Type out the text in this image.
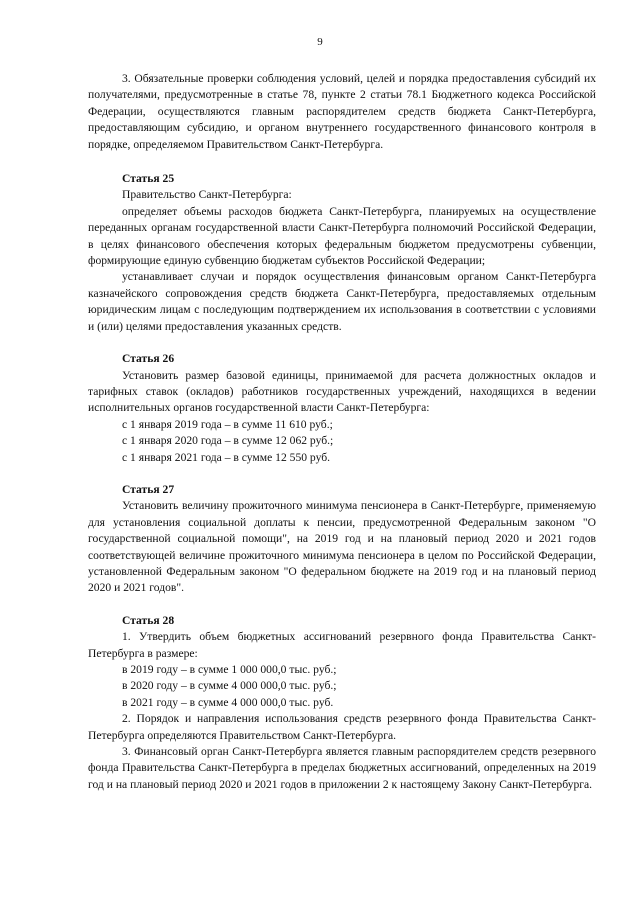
9

3. Обязательные проверки соблюдения условий, целей и порядка предоставления субсидий их получателями, предусмотренные в статье 78, пункте 2 статьи 78.1 Бюджетного кодекса Российской Федерации, осуществляются главным распорядителем средств бюджета Санкт-Петербурга, предоставляющим субсидию, и органом внутреннего государственного финансового контроля в порядке, определяемом Правительством Санкт-Петербурга.

Статья 25

Правительство Санкт-Петербурга:

определяет объемы расходов бюджета Санкт-Петербурга, планируемых на осуществление переданных органам государственной власти Санкт-Петербурга полномочий Российской Федерации, в целях финансового обеспечения которых федеральным бюджетом предусмотрены субвенции, формирующие единую субвенцию бюджетам субъектов Российской Федерации;

устанавливает случаи и порядок осуществления финансовым органом Санкт-Петербурга казначейского сопровождения средств бюджета Санкт-Петербурга, предоставляемых отдельным юридическим лицам с последующим подтверждением их использования в соответствии с условиями и (или) целями предоставления указанных средств.

Статья 26

Установить размер базовой единицы, принимаемой для расчета должностных окладов и тарифных ставок (окладов) работников государственных учреждений, находящихся в ведении исполнительных органов государственной власти Санкт-Петербурга:

с 1 января 2019 года – в сумме 11 610 руб.;

с 1 января 2020 года – в сумме 12 062 руб.;

с 1 января 2021 года – в сумме 12 550 руб.

Статья 27

Установить величину прожиточного минимума пенсионера в Санкт-Петербурге, применяемую для установления социальной доплаты к пенсии, предусмотренной Федеральным законом "О государственной социальной помощи", на 2019 год и на плановый период 2020 и 2021 годов соответствующей величине прожиточного минимума пенсионера в целом по Российской Федерации, установленной Федеральным законом "О федеральном бюджете на 2019 год и на плановый период 2020 и 2021 годов".

Статья 28

1. Утвердить объем бюджетных ассигнований резервного фонда Правительства Санкт-Петербурга в размере:

в 2019 году – в сумме 1 000 000,0 тыс. руб.;

в 2020 году – в сумме 4 000 000,0 тыс. руб.;

в 2021 году – в сумме 4 000 000,0 тыс. руб.

2. Порядок и направления использования средств резервного фонда Правительства Санкт-Петербурга определяются Правительством Санкт-Петербурга.

3. Финансовый орган Санкт-Петербурга является главным распорядителем средств резервного фонда Правительства Санкт-Петербурга в пределах бюджетных ассигнований, определенных на 2019 год и на плановый период 2020 и 2021 годов в приложении 2 к настоящему Закону Санкт-Петербурга.
